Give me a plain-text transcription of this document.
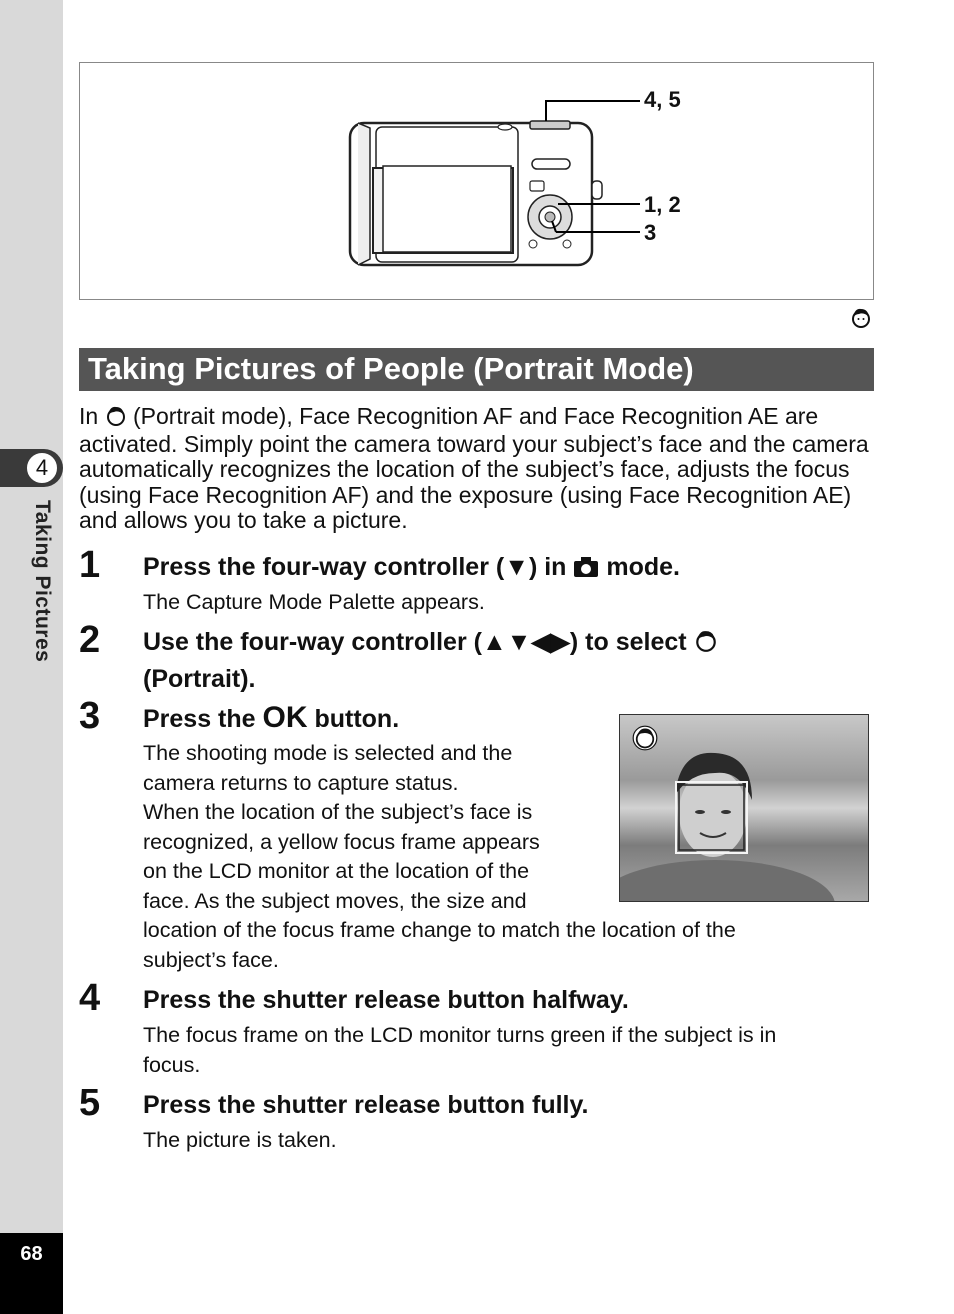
4
Taking Pictures
68
4, 5
1, 2
3
Taking Pictures of People (Portrait Mode)
In (Portrait mode), Face Recognition AF and Face Recognition AE are activated. Simply point the camera toward your subject’s face and the camera automatically recognizes the location of the subject’s face, adjusts the focus (using Face Recognition AF) and the exposure (using Face Recognition AE) and allows you to take a picture.
1 Press the four-way controller (▼) in mode.
The Capture Mode Palette appears.
2 Use the four-way controller (▲▼◀▶) to select
(Portrait).
3 Press the OK button.
The shooting mode is selected and the
camera returns to capture status.
When the location of the subject’s face is
recognized, a yellow focus frame appears
on the LCD monitor at the location of the
face. As the subject moves, the size and
location of the focus frame change to match the location of the
subject’s face.
4 Press the shutter release button halfway.
The focus frame on the LCD monitor turns green if the subject is in
focus.
5 Press the shutter release button fully.
The picture is taken.
